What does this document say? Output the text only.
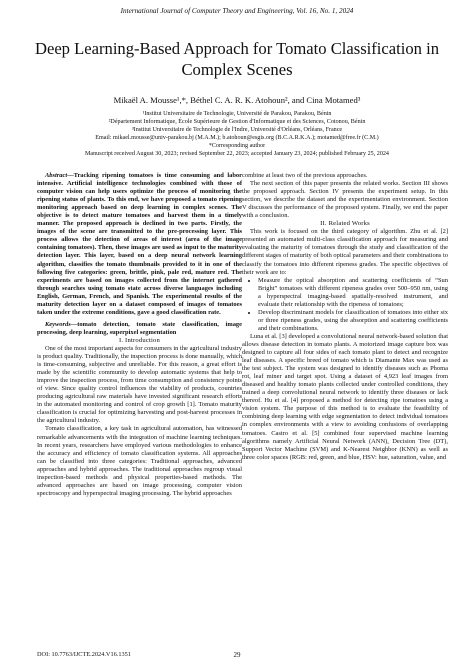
International Journal of Computer Theory and Engineering, Vol. 16, No. 1, 2024
Deep Learning-Based Approach for Tomato Classification in Complex Scenes
Mikaël A. Mousse¹,*, Béthel C. A. R. K. Atohoun², and Cina Motamed³
¹Institut Universitaire de Technologie, Université de Parakou, Parakou, Bénin
²Département Informatique, École Supérieure de Gestion d'Informatique et des Sciences, Cotonou, Bénin
³Institut Universitaire de Technologie de l'Indre, Université d'Orléans, Orléans, France
Email: mikael.mousse@univ-parakou.bj (M.A.M.); b.atohoun@esgis.org (B.C.A.R.K.A.); motamed@free.fr (C.M.)
*Corresponding author
Manuscript received August 30, 2023; revised September 22, 2023; accepted January 23, 2024; published February 25, 2024

Abstract—Tracking ripening tomatoes is time consuming and labor intensive. Artificial intelligence technologies combined with those of computer vision can help users optimize the process of monitoring the ripening status of plants. To this end, we have proposed a tomato ripening monitoring approach based on deep learning in complex scenes. The objective is to detect mature tomatoes and harvest them in a timely manner. The proposed approach is declined in two parts. Firstly, the images of the scene are transmitted to the pre-processing layer. This process allows the detection of areas of interest (area of the image containing tomatoes). Then, these images are used as input to the maturity detection layer. This layer, based on a deep neural network learning algorithm, classifies the tomato thumbnails provided to it in one of the following five categories: green, brittle, pink, pale red, mature red. The experiments are based on images collected from the internet gathered through searches using tomato state across diverse languages including English, German, French, and Spanish. The experimental results of the maturity detection layer on a dataset composed of images of tomatoes taken under the extreme conditions, gave a good classification rate.

Keywords—tomato detection, tomato state classification, image processing, deep learning, superpixel segmentation

I. Introduction

One of the most important aspects for consumers in the agricultural industry is product quality. Traditionally, the inspection process is done manually, which is time-consuming, subjective and unreliable. For this reason, a great effort is made by the scientific community to develop automatic systems that help to improve the inspection process, from time consumption and consistency points of view. Since quality control influences the viability of products, countries producing agricultural raw materials have invested significant research efforts in the automated monitoring and control of crop growth [1]. Tomato maturity classification is crucial for optimizing harvesting and post-harvest processes in the agricultural industry.

Tomato classification, a key task in agricultural automation, has witnessed remarkable advancements with the integration of machine learning techniques. In recent years, researchers have employed various methodologies to enhance the accuracy and efficiency of tomato classification systems. All approaches can be classified into three categories: Traditional approaches, advanced approaches and hybrid approaches. The traditional approaches regroup visual inspection-based methods and physical properties-based methods. The advanced approaches are based on image processing, computer vision spectroscopy and hyperspectral imaging processing. The hybrid approaches

combine at least two of the previous approaches.

The next section of this paper presents the related works. Section III shows the proposed approach. Section IV presents the experiment setup. In this section, we describe the dataset and the experimentation environment. Section V discusses the performance of the proposed system. Finally, we end the paper with a conclusion.

II. Related Works

This work is focused on the third category of algorithm. Zhu et al. [2] presented an automated multi-class classification approach for measuring and evaluating the maturity of tomatoes through the study and classification of the different stages of maturity of both optical parameters and their combinations to classify the tomatoes into different ripeness grades. The specific objectives of their work are to:

• Measure the optical absorption and scattering coefficients of “Sun Bright” tomatoes with different ripeness grades over 500–950 nm, using a hyperspectral imaging-based spatially-resolved instrument, and evaluate their relationship with the ripeness of tomatoes;
• Develop discriminant models for classification of tomatoes into either six or three ripeness grades, using the absorption and scattering coefficients and their combinations.

Luna et al. [3] developed a convolutional neural network-based solution that allows disease detection in tomato plants. A motorized image capture box was designed to capture all four sides of each tomato plant to detect and recognize leaf diseases. A specific breed of tomato which is Diamante Max was used as the test subject. The system was designed to identify diseases such as Phoma rot, leaf miner and target spot. Using a dataset of 4,923 leaf images from diseased and healthy tomato plants collected under controlled conditions, they trained a deep convolutional neural network to identify three diseases or lack thereof. Hu et al. [4] proposed a method for detecting ripe tomatoes using a vision system. The purpose of this method is to evaluate the feasibility of combining deep learning with edge segmentation to detect individual tomatoes in complex environments with a view to avoiding confusions of overlapping tomatoes. Castro et al. [5] combined four supervised machine learning algorithms namely Artificial Neural Network (ANN), Decision Tree (DT), Support Vector Machine (SVM) and K-Nearest Neighbor (KNN) as well as three color spaces (RGB: red, green, and blue, HSV: hue, saturation, value, and

DOI: 10.7763/IJCTE.2024.V16.1351	29
